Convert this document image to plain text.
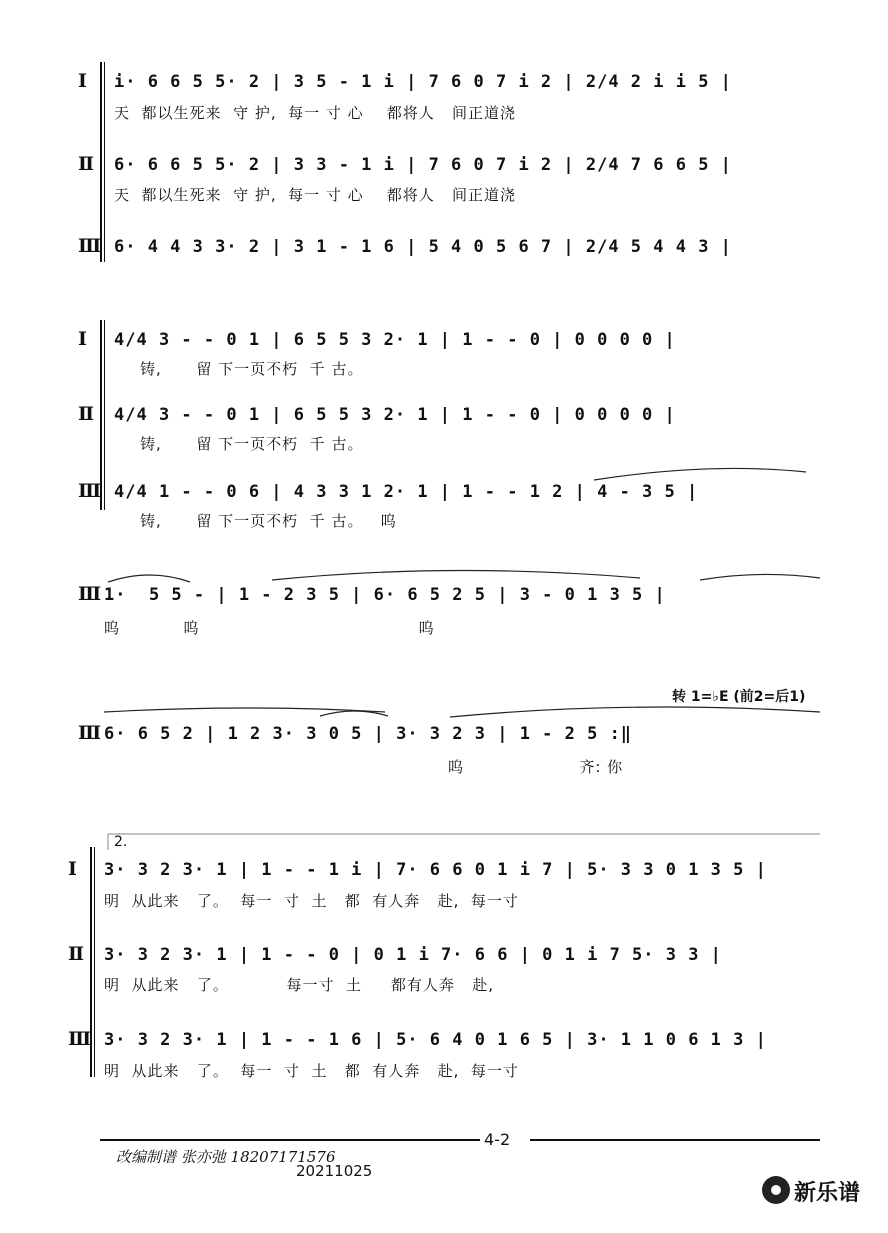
Ⅰ i· 6 6 5 5· 2 | 3 5 - 1 i | 7 6 0 7 i 2 | 2/4 2 i i 5 |
天  都以生死来  守 护,  每一 寸 心    都将人   间正道浇
Ⅱ 6· 6 6 5 5· 2 | 3 3 - 1 i | 7 6 0 7 i 2 | 2/4 7 6 6 5 |
天  都以生死来  守 护,  每一 寸 心    都将人   间正道浇
Ⅲ 6· 4 4 3 3· 2 | 3 1 - 1 6 | 5 4 0 5 6 7 | 2/4 5 4 4 3 |
Ⅰ 4/4 3 - - 0 1 | 6 5 5 3 2· 1 | 1 - - 0 | 0 0 0 0 |
铸,      留 下一页不朽  千 古。
Ⅱ 4/4 3 - - 0 1 | 6 5 5 3 2· 1 | 1 - - 0 | 0 0 0 0 |
铸,      留 下一页不朽  千 古。
Ⅲ 4/4 1 - - 0 6 | 4 3 3 1 2· 1 | 1 - - 1 2 | 4 - 3 5 |
铸,      留 下一页不朽  千 古。   呜
Ⅲ 1·  5 5 - | 1 - 2 3 5 | 6· 6 5 2 5 | 3 - 0 1 3 5 |
呜           呜                                      呜
转 1=♭E (前2=后1)
Ⅲ 6· 6 5 2 | 1 2 3· 3 0 5 | 3· 3 2 3 | 1 - 2 5 :‖
呜                    齐: 你
2.
Ⅰ 3· 3 2 3· 1 | 1 - - 1 i | 7· 6 6 0 1 i 7 | 5· 3 3 0 1 3 5 |
明  从此来   了。  每一  寸  土   都  有人奔   赴,  每一寸
Ⅱ 3· 3 2 3· 1 | 1 - - 0 | 0 1 i 7· 6 6 | 0 1 i 7 5· 3 3 |
明  从此来   了。          每一寸  土     都有人奔   赴,
Ⅲ 3· 3 2 3· 1 | 1 - - 1 6 | 5· 6 4 0 1 6 5 | 3· 1 1 0 6 1 3 |
明  从此来   了。  每一  寸  土   都  有人奔   赴,  每一寸
4-2
改编制谱 张亦弛 18207171576
20211025

新乐谱
